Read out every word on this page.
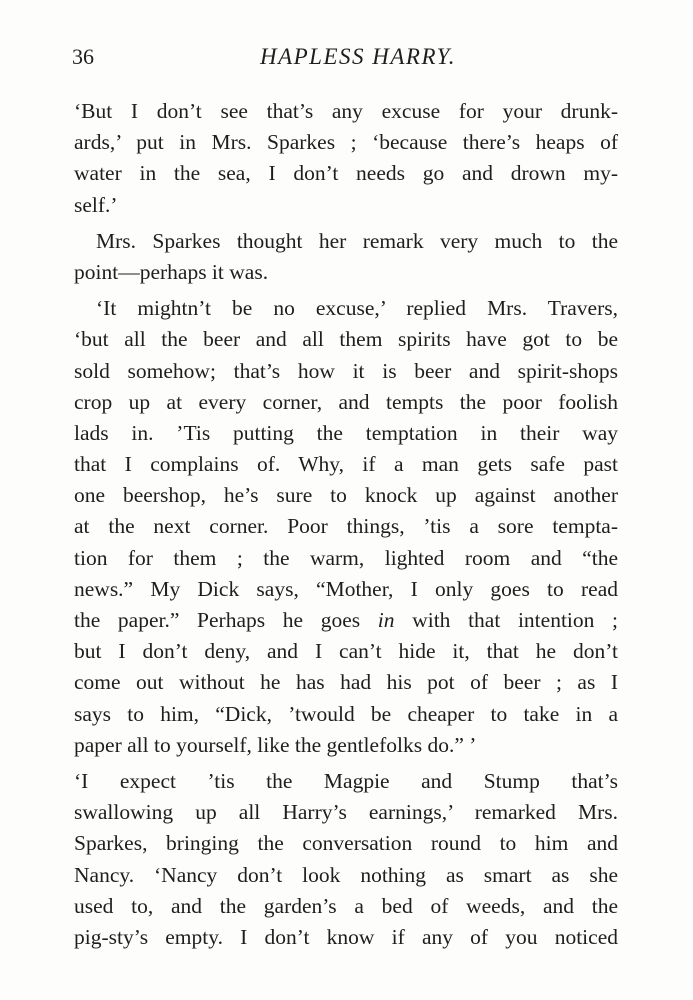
36	HAPLESS HARRY.
‘But I don’t see that’s any excuse for your drunk-
ards,’ put in Mrs. Sparkes ; ‘because there’s heaps of
water in the sea, I don’t needs go and drown my-
self.’
Mrs. Sparkes thought her remark very much to the
point—perhaps it was.
‘It mightn’t be no excuse,’ replied Mrs. Travers,
‘but all the beer and all them spirits have got to be
sold somehow; that’s how it is beer and spirit-shops
crop up at every corner, and tempts the poor foolish
lads in. ’Tis putting the temptation in their way
that I complains of. Why, if a man gets safe past
one beershop, he’s sure to knock up against another
at the next corner. Poor things, ’tis a sore tempta-
tion for them ; the warm, lighted room and “the
news.” My Dick says, “Mother, I only goes to read
the paper.” Perhaps he goes in with that intention ;
but I don’t deny, and I can’t hide it, that he don’t
come out without he has had his pot of beer ; as I
says to him, “Dick, ’twould be cheaper to take in a
paper all to yourself, like the gentlefolks do.” ’
‘I expect ’tis the Magpie and Stump that’s
swallowing up all Harry’s earnings,’ remarked Mrs.
Sparkes, bringing the conversation round to him and
Nancy. ‘Nancy don’t look nothing as smart as she
used to, and the garden’s a bed of weeds, and the
pig-sty’s empty. I don’t know if any of you noticed
